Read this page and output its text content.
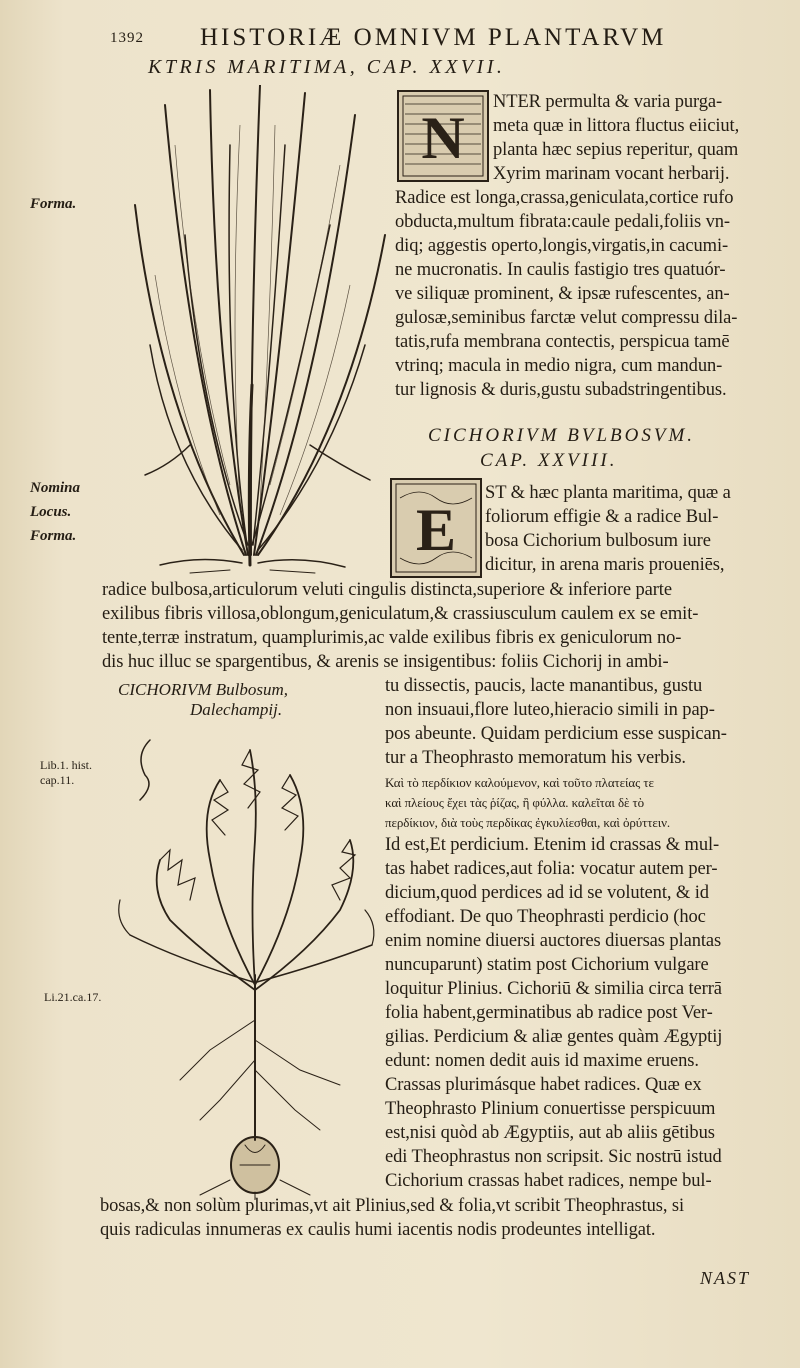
1392 HISTORIÆ OMNIVM PLANTARVM
KTRIS MARITIMA, CAP. XXVII.
Forma.
Nomina
Locus.
Forma.
Lib.1. hist. cap.11.
Li.21.ca.17.
N
NTER permulta & varia purga-
meta quæ in littora fluctus eiiciut,
planta hæc sepius reperitur, quam
Xyrim marinam vocant herbarij.
Radice est longa,crassa,geniculata,cortice rufo
obducta,multum fibrata:caule pedali,foliis vn-
diq; aggestis operto,longis,virgatis,in cacumi-
ne mucronatis. In caulis fastigio tres quatuór-
ve siliquæ prominent, & ipsæ rufescentes, an-
gulosæ,seminibus farctæ velut compressu dila-
tatis,rufa membrana contectis, perspicua tamē
vtrinq; macula in medio nigra, cum mandun-
tur lignosis & duris,gustu subadstringentibus.
CICHORIVM BVLBOSVM.
CAP. XXVIII.
E
ST & hæc planta maritima, quæ a
foliorum effigie & a radice Bul-
bosa Cichorium bulbosum iure
dicitur, in arena maris proueniēs,
radice bulbosa,articulorum veluti cingulis distincta,superiore & inferiore parte
exilibus fibris villosa,oblongum,geniculatum,& crassiusculum caulem ex se emit-
tente,terræ instratum, quamplurimis,ac valde exilibus fibris ex geniculorum no-
dis huc illuc se spargentibus, & arenis se insigentibus: foliis Cichorij in ambi-
CICHORIVM Bulbosum,
Dalechampij.
tu dissectis, paucis, lacte manantibus, gustu
non insuaui,flore luteo,hieracio simili in pap-
pos abeunte. Quidam perdicium esse suspican-
tur a Theophrasto memoratum his verbis.
Καὶ τὸ περδίκιον καλούμενον, καὶ τοῦτο πλατείας τε
καὶ πλείους ἔχει τὰς ῥίζας, ἢ φύλλα. καλεῖται δὲ τὸ
περδίκιον, διὰ τοὺς περδίκας ἐγκυλίεσθαι, καὶ ὀρύττειν.
Id est,Et perdicium. Etenim id crassas & mul-
tas habet radices,aut folia: vocatur autem per-
dicium,quod perdices ad id se volutent, & id
effodiant. De quo Theophrasti perdicio (hoc
enim nomine diuersi auctores diuersas plantas
nuncuparunt) statim post Cichorium vulgare
loquitur Plinius. Cichoriū & similia circa terrā
folia habent,germinatibus ab radice post Ver-
gilias. Perdicium & aliæ gentes quàm Ægyptij
edunt: nomen dedit auis id maxime eruens.
Crassas plurimásque habet radices. Quæ ex
Theophrasto Plinium conuertisse perspicuum
est,nisi quòd ab Ægyptiis, aut ab aliis gētibus
edi Theophrastus non scripsit. Sic nostrū istud
Cichorium crassas habet radices, nempe bul-
bosas,& non solùm plurimas,vt ait Plinius,sed & folia,vt scribit Theophrastus, si
quis radiculas innumeras ex caulis humi iacentis nodis prodeuntes intelligat.
NAST
